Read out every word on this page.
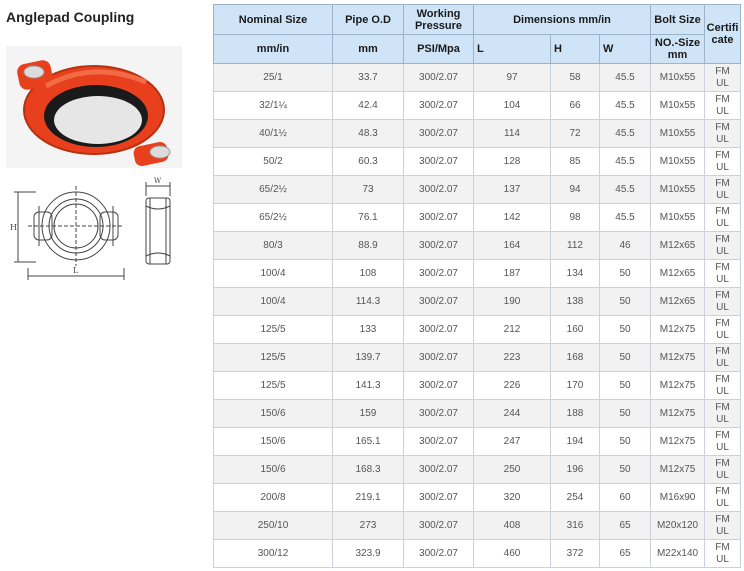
Anglepad Coupling
H
L
W
Nominal Size	Pipe O.D	Working Pressure	Dimensions mm/in			Bolt Size	Certifi cate
mm/in	mm	PSI/Mpa	L	H	W	NO.-Size mm	
25/1	33.7	300/2.07	97	58	45.5	M10x55	FM
UL

32/1¼	42.4	300/2.07	104	66	45.5	M10x55	FM
UL

40/1½	48.3	300/2.07	114	72	45.5	M10x55	FM
UL

50/2	60.3	300/2.07	128	85	45.5	M10x55	FM
UL

65/2½	73	300/2.07	137	94	45.5	M10x55	FM
UL

65/2½	76.1	300/2.07	142	98	45.5	M10x55	FM
UL

80/3	88.9	300/2.07	164	112	46	M12x65	FM
UL

100/4	108	300/2.07	187	134	50	M12x65	FM
UL

100/4	114.3	300/2.07	190	138	50	M12x65	FM
UL

125/5	133	300/2.07	212	160	50	M12x75	FM
UL

125/5	139.7	300/2.07	223	168	50	M12x75	FM
UL

125/5	141.3	300/2.07	226	170	50	M12x75	FM
UL

150/6	159	300/2.07	244	188	50	M12x75	FM
UL

150/6	165.1	300/2.07	247	194	50	M12x75	FM
UL

150/6	168.3	300/2.07	250	196	50	M12x75	FM
UL

200/8	219.1	300/2.07	320	254	60	M16x90	FM
UL

250/10	273	300/2.07	408	316	65	M20x120	FM
UL

300/12	323.9	300/2.07	460	372	65	M22x140	FM
UL
